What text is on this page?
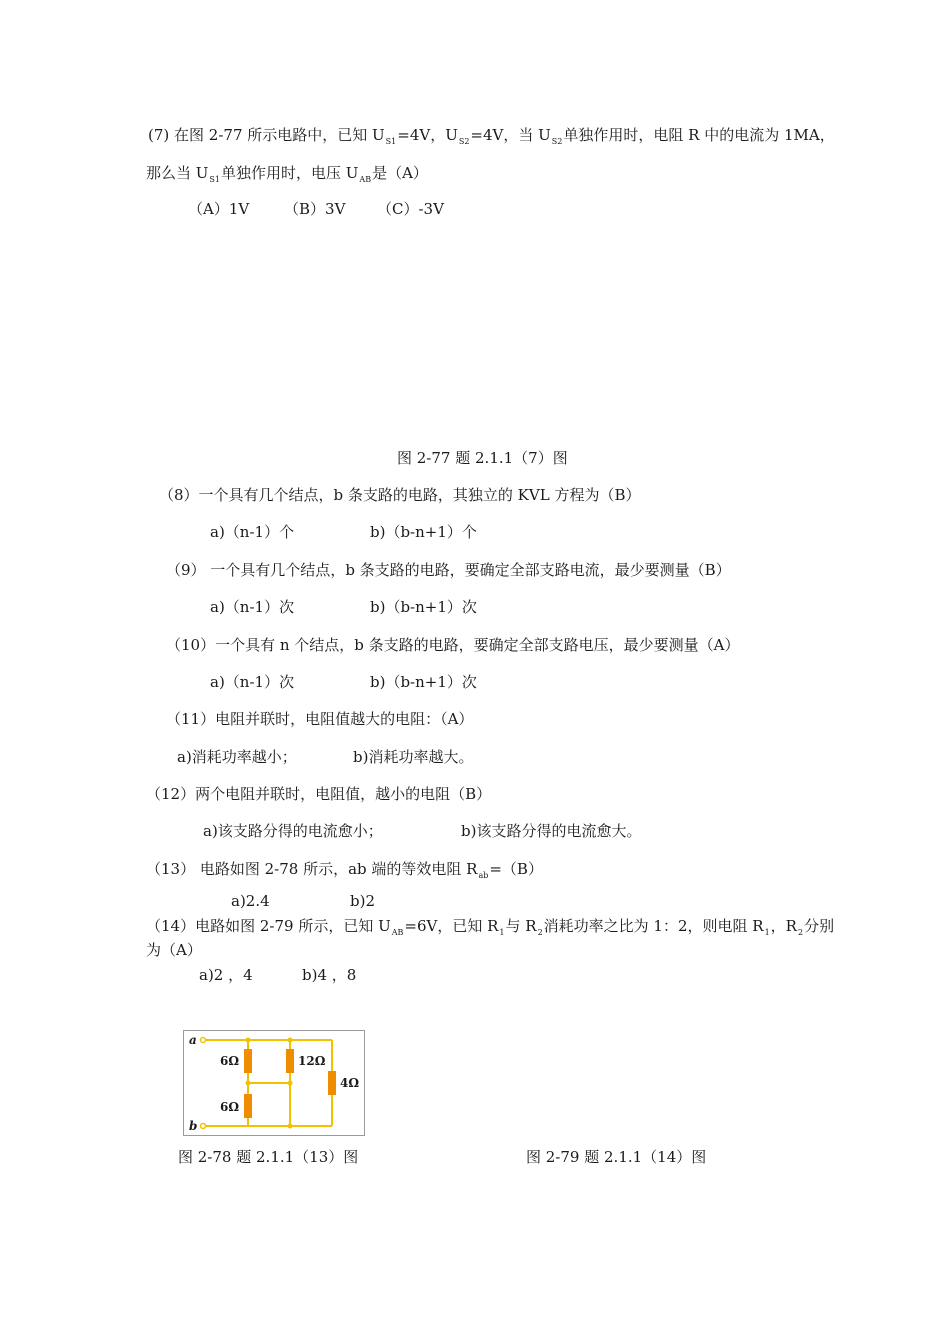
(7) 在图 2-77 所示电路中，已知 $U_{S1}=4V$，$U_{S2}=4V$，当 $U_{S2}$单独作用时，电阻 R 中的电流为 1MA，
那么当 $U_{S1}$单独作用时，电压 $U_{AB}$是（A）
（A）1V （B）3V （C）-3V
图 2-77 题 2.1.1（7）图
（8）一个具有几个结点，b 条支路的电路，其独立的 KVL 方程为（B）
a)（n-1）个	b)（b-n+1）个
（9） 一个具有几个结点，b 条支路的电路，要确定全部支路电流，最少要测量（B）
a)（n-1）次	b)（b-n+1）次
（10）一个具有 n 个结点，b 条支路的电路，要确定全部支路电压，最少要测量（A）
a)（n-1）次	b)（b-n+1）次
（11）电阻并联时，电阻值越大的电阻：（A）
a)消耗功率越小；	b)消耗功率越大。
（12）两个电阻并联时，电阻值，越小的电阻（B）
a)该支路分得的电流愈小；	b)该支路分得的电流愈大。
（13） 电路如图 2-78 所示，ab 端的等效电阻 $R_{ab}=(B)$
a)2.4	b)2
（14）电路如图 2-79 所示，已知 $U_{AB}=6V$，已知 $R_1$与 $R_2$消耗功率之比为 1：2，则电阻 $R_1$，$R_2$分别
为（A）
a)2 ，4	b)4 ，8
a
b
6Ω	12Ω
4Ω
6Ω
图 2-78 题 2.1.1（13）图	图 2-79 题 2.1.1（14）图
